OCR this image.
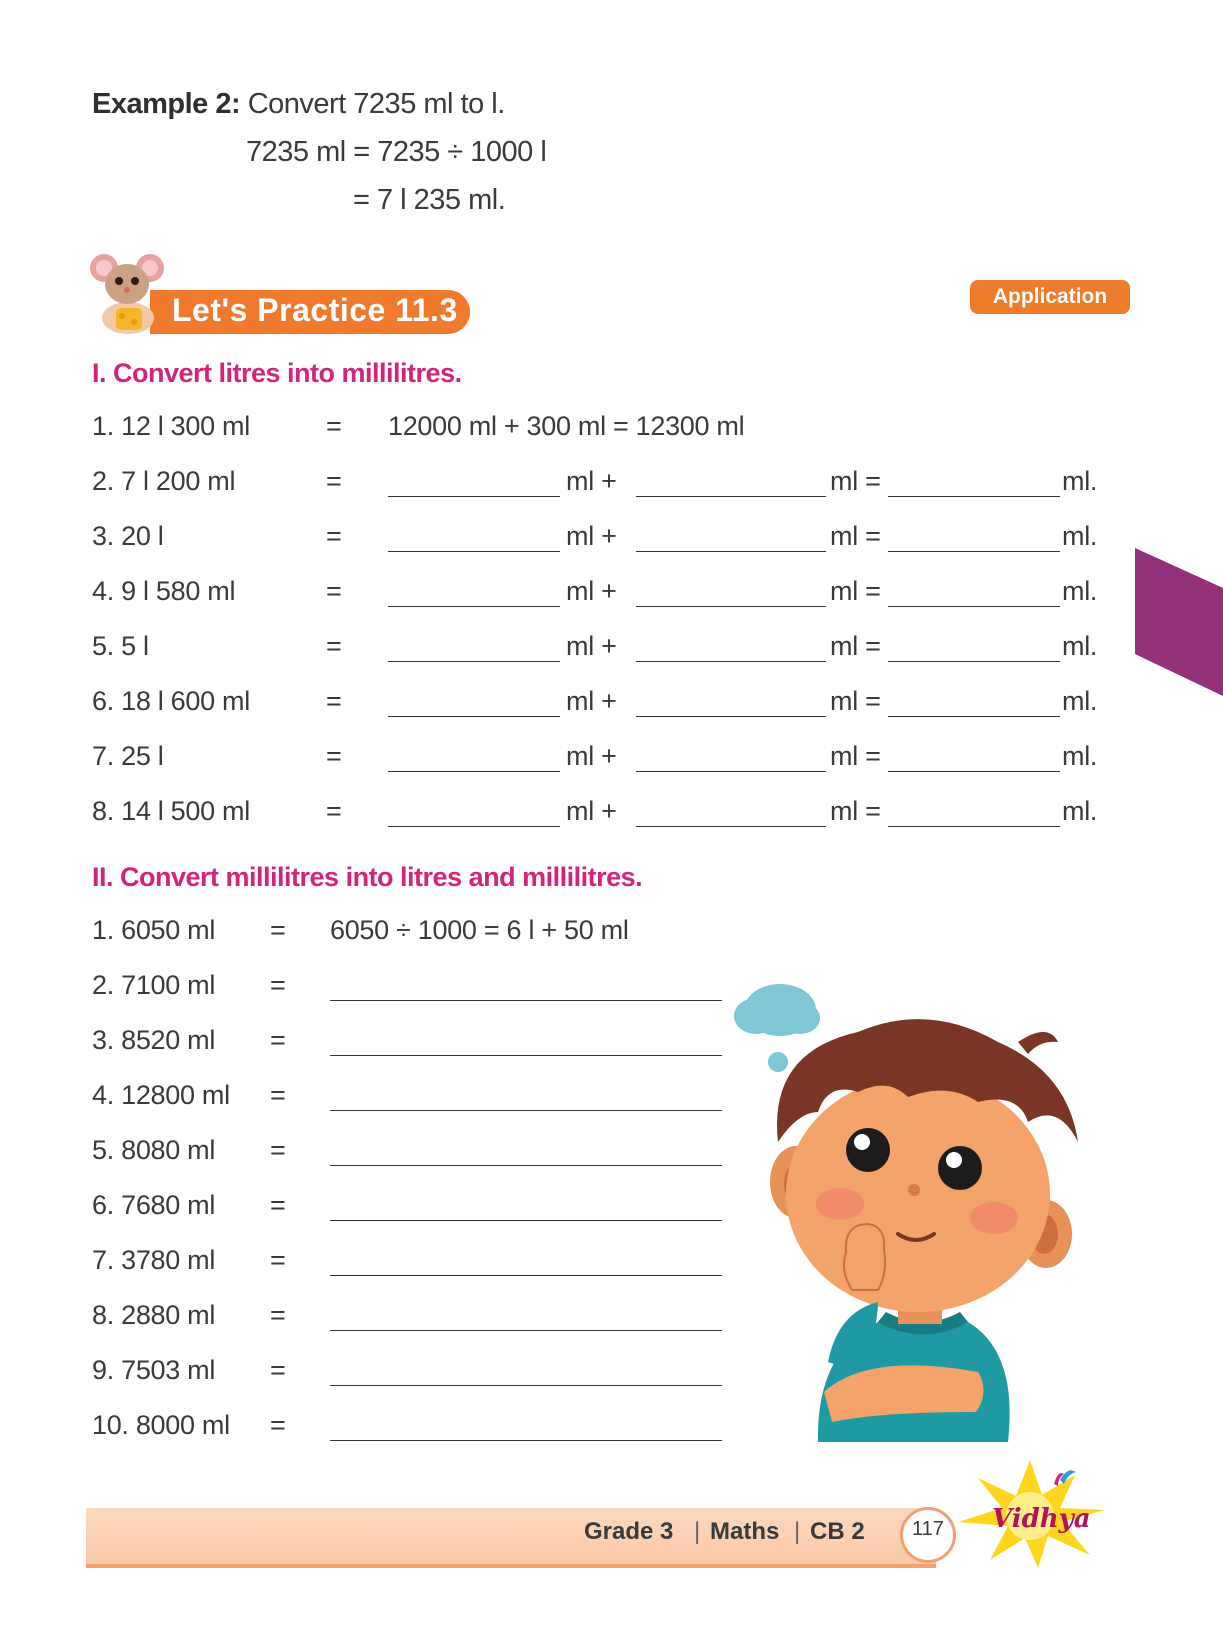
Example 2: Convert 7235 ml to l.
7235 ml = 7235 ÷ 1000 l
= 7 l 235 ml.
Let's Practice 11.3	Application
I. Convert litres into millilitres.
1. 12 l 300 ml	= 12000 ml + 300 ml = 12300 ml
2. 7 l 200 ml	=	ml +	ml =	ml.
3. 20 l	=	ml +	ml =	ml.
4. 9 l 580 ml	=	ml +	ml =	ml.
5. 5 l	=	ml +	ml =	ml.
6. 18 l 600 ml	=	ml +	ml =	ml.
7. 25 l	=	ml +	ml =	ml.
8. 14 l 500 ml	=	ml +	ml =	ml.
II. Convert millilitres into litres and millilitres.
1. 6050 ml = 6050 ÷ 1000 = 6 l + 50 ml
2. 7100 ml =
3. 8520 ml =
4. 12800 ml =
5. 8080 ml =
6. 7680 ml =
7. 3780 ml =
8. 2880 ml =
9. 7503 ml =
10. 8000 ml =
Grade 3 | Maths | CB 2	117	Vidhya
